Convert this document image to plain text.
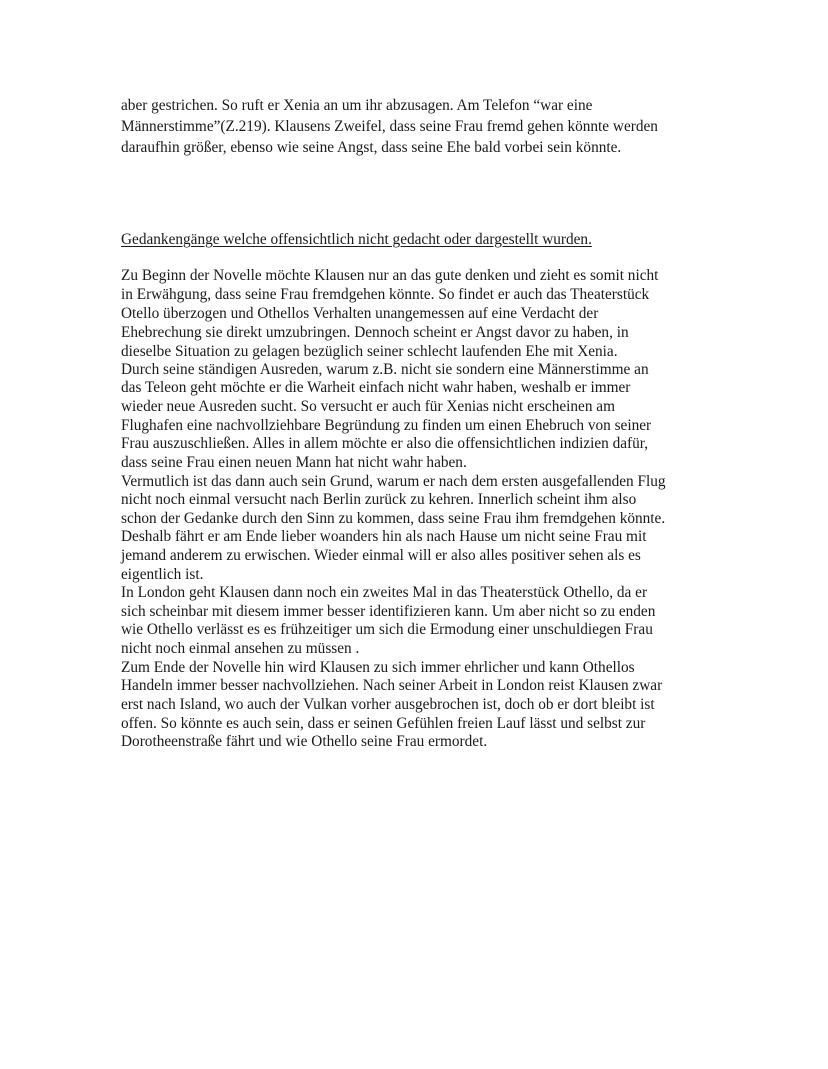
aber gestrichen. So ruft er Xenia an um ihr abzusagen. Am Telefon “war eine
Männerstimme”(Z.219). Klausens Zweifel, dass seine Frau fremd gehen könnte werden
daraufhin größer, ebenso wie seine Angst, dass seine Ehe bald vorbei sein könnte.
Gedankengänge welche offensichtlich nicht gedacht oder dargestellt wurden.
Zu Beginn der Novelle möchte Klausen nur an das gute denken und zieht es somit nicht
in Erwähgung, dass seine Frau fremdgehen könnte. So findet er auch das Theaterstück
Otello überzogen und Othellos Verhalten unangemessen auf eine Verdacht der
Ehebrechung sie direkt umzubringen. Dennoch scheint er Angst davor zu haben, in
dieselbe Situation zu gelagen bezüglich seiner schlecht laufenden Ehe mit Xenia.
Durch seine ständigen Ausreden, warum z.B. nicht sie sondern eine Männerstimme an
das Teleon geht möchte er die Warheit einfach nicht wahr haben, weshalb er immer
wieder neue Ausreden sucht. So versucht er auch für Xenias nicht erscheinen am
Flughafen eine nachvollziehbare Begründung zu finden um einen Ehebruch von seiner
Frau auszuschließen. Alles in allem möchte er also die offensichtlichen indizien dafür,
dass seine Frau einen neuen Mann hat nicht wahr haben.
Vermutlich ist das dann auch sein Grund, warum er nach dem ersten ausgefallenden Flug
nicht noch einmal versucht nach Berlin zurück zu kehren. Innerlich scheint ihm also
schon der Gedanke durch den Sinn zu kommen, dass seine Frau ihm fremdgehen könnte.
Deshalb fährt er am Ende lieber woanders hin als nach Hause um nicht seine Frau mit
jemand anderem zu erwischen. Wieder einmal will er also alles positiver sehen als es
eigentlich ist.
In London geht Klausen dann noch ein zweites Mal in das Theaterstück Othello, da er
sich scheinbar mit diesem immer besser identifizieren kann. Um aber nicht so zu enden
wie Othello verlässt es es frühzeitiger um sich die Ermodung einer unschuldiegen Frau
nicht noch einmal ansehen zu müssen .
Zum Ende der Novelle hin wird Klausen zu sich immer ehrlicher und kann Othellos
Handeln immer besser nachvollziehen. Nach seiner Arbeit in London reist Klausen zwar
erst nach Island, wo auch der Vulkan vorher ausgebrochen ist, doch ob er dort bleibt ist
offen. So könnte es auch sein, dass er seinen Gefühlen freien Lauf lässt und selbst zur
Dorotheenstraße fährt und wie Othello seine Frau ermordet.
